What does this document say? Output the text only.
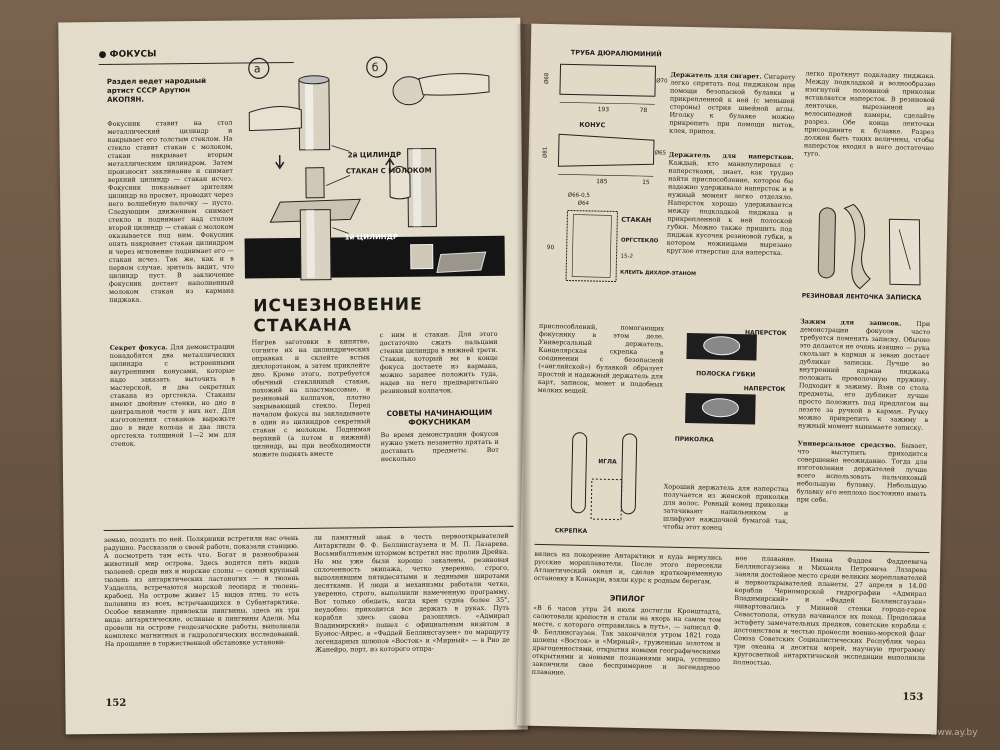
● ФОКУСЫ
Раздел ведет народный артист СССР Арутюн АКОПЯН.
Фокусник ставит на стол металлический цилиндр и накрывает его толстым стеклом. На стекло ставит стакан с молоком, стакан накрывает вторым металлическим цилиндром. Затем произносит заклинание и снимает верхний цилиндр — стакан исчез. Фокусник показывает зрителям цилиндр на просвет, проводит через него волшебную палочку — пусто. Следующим движением снимает стекло и поднимает над столом второй цилиндр — стакан с молоком оказывается под ним. Фокусник опять накрывает стакан цилиндром и через мгновение поднимает его — стакан исчез. Так же, как и в первом случае, зритель видит, что цилиндр пуст. В заключение фокусник достает наполненный молоком стакан из кармана пиджака.
Секрет фокуса. Для демонстрации понадобятся два металлических цилиндра с встроенными внутренними конусами, которые надо заказать выточить в мастерской, и два секретных стакана из оргстекла. Стаканы имеют двойные стенки, но дно в центральной части у них нет. Для изготовления стаканов вырежьте дно в виде кольца и два листа оргстекла толщиной 1—2 мм для стенок.
а	б
2й ЦИЛИНДР
СТАКАН С МОЛОКОМ
1й ЦИЛИНДР
ИСЧЕЗНОВЕНИЕ СТАКАНА
Нагрев заготовки в кипятке, согните их на цилиндрических оправках и склейте встык дихлорэтаном, а затем приклейте дно. Кроме этого, потребуется обычный стеклянный стакан, похожий на пластмассовые, и резиновый колпачок, плотно закрывающий стекло. Перед началом фокуса вы закладываете в один из цилиндров секретный стакан с молоком. Поднимая верхний (а потом и нижний) цилиндр, вы при необходимости можете поднять вместе
с ним и стакан. Для этого достаточно сжать пальцами стенки цилиндра в нижней трети. Стакан, который вы в конце фокуса достаете из кармана, можно заранее положить туда, надев на него предварительно резиновый колпачок.
СОВЕТЫ НАЧИНАЮЩИМ ФОКУСНИКАМ
Во время демонстрации фокусов нужно уметь незаметно прятать и доставать предметы. Вот несколько
земью, поздать по ней. Полярники встретили нас очень радушно. Рассказали о своей работе, показали станцию. А посмотреть там есть что. Богат и разнообразен животный мир острова. Здесь водятся пять видов тюленей: среди них и морские слоны — самый крупный тюлень из антарктических ластоногих — и тюлень Уэдделла, встречаются морской леопард и тюлень-крабоед. На острове живет 15 видов птиц, то есть половина из всех, встречающихся в Субантарктике. Особое внимание привлекли пингвины, здесь их три вида: антарктические, ослиные и пингвины Адели. Мы провели на острове геодезические работы, выполняли комплекс магнитных и гидрологических исследований. На прощание в торжественной обстановке установи-
ли памятный знак в честь первооткрывателей Антарктиды Ф. Ф. Беллинсгаузена и М. П. Лазарева. Восьмибалльным штормом встретил нас пролив Дрейка. Но мы уже были хорошо закалены, резиновая сплоченность экипажа, четко уверенно, строго, выполнявшим пятидесятыми и ледяными широтами десятками. И люди и механизмы работали четко, уверенно, строго, выполнили намеченную программу. Вот только обедать, когда крен судна более 35°, неудобно: приходится все держать в руках. Путь корабля здесь снова разошлись. «Адмирал Владимирский» пошел с официальным визитом в Буэнос-Айрес, а «Фаддей Беллинсгаузен» по маршруту легендарных шлюпов «Восток» и «Мирный» — в Рио де Жанейро, порт, из которого отпра-
152
ТРУБА ДЮРАЛЮМИНИЙ
193	78
Ø68	Ø70
КОНУС
185	15
Ø81	Ø65
Ø66-0,5
Ø64
90
СТАКАН
ОРГСТЕКЛО
15-2
КЛЕИТЬ ДИХЛОР-ЭТАНОМ
Держатель для сигарет. Сигарету легко спрятать под пиджаком при помощи безопасной булавки и прикрепленной к ней (с меньшей стороны) острия швейной иглы. Иголку к булавке можно прикрепить при помощи ниток, клея, припоя.
Держатель для наперстков. Каждый, кто манипулировал с наперстками, знает, как трудно найти приспособление, которое бы надежно удерживало наперсток и в нужный момент легко отделяло. Наперсток хорошо удерживается между подкладкой пиджака и прикрепленной к ней полоской губки. Можно также пришить под пиджак кусочек резиновой губки, в котором ножницами вырезано круглое отверстие для наперстка.
легко проткнут подкладку пиджака. Между подкладкой и волнообразно изогнутой половиной приколки вставляется наперсток. В резиновой ленточке, вырезанной из велосипедной камеры, сделайте разрез. Обе конца ленточки присоедините к булавке. Разрез должен быть таких величины, чтобы наперсток входил в него достаточно туго.
РЕЗИНОВАЯ ЛЕНТОЧКА ЗАПИСКА
приспособлений, помогающих фокуснику в этом деле. Универсальный держатель. Канцелярская скрепка в соединении с безопасной («английской») булавкой образует простой и надежный держатель для карт, записок, монет и подобных мелких вещей.
НАПЕРСТОК
ПОЛОСКА ГУБКИ
НАПЕРСТОК
ПРИКОЛКА
ИГЛА
СКРЕПКА
Хороший держатель для наперстка получается из женской приколки для волос. Ровный конец приколки затачивают напильником и шлифуют наждачной бумагой так, чтобы этот конец
Зажим для записок. При демонстрации фокусов часто требуется поменять записку. Обычно это делается не очень изящно — рука скользит в карман и зеваю достает дубликат записки. Лучше во внутренний карман пиджака положить проволочную пружину. Подходит к зажиму. Взяв со стола предметы, его дубликат лучше просто положить под предлогом вы лезете за ручкой в карман. Ручку можно прикрепить к зажиму в нужный момент вынимаете записку.
Универсальное средство. Бывает, что выступить приходится совершенно неожиданно. Тогда для изготовления держателей лучше всего использовать пальчиковый небольшую булавку. Небольшую булавку его неплохо постоянно иметь при себе.
вились на покорение Антарктики и куда вернулись русские мореплаватели. После этого пересекли Атлантический океан и, сделав кратковременную остановку в Конакри, взяли курс к родным берегам.
ЭПИЛОГ
«В 6 часов утра 24 июля достигли Кронштадта, салютовали крепости и стали на якорь на самом том месте, с которого отправились в путь», — записал Ф. Ф. Беллинсгаузен. Так закончился утром 1821 года шлюпы «Восток» и «Мирный», груженные золотом и драгоценностями, открытия новыми географическими открытиями и новыми познаниями мира, успешно закончили свое беспримерное и легендарное плавание.
ное плавание. Имена Фаддея Фаддеевича Беллинсгаузена и Михаила Петровича Лазарева заняли достойное место среди великих мореплавателей и первооткрывателей планеты. 27 апреля в 14.00 корабли Черноморской гидрографии «Адмирал Владимирский» и «Фаддей Беллинсгаузен» ошвартовались у Минной стенки города-героя Севастополя, откуда начинался их поход. Продолжая эстафету замечательных предков, советские корабли с достоинством и честью пронесли военно-морской флаг Союза Советских Социалистических Республик через три океана и десятки морей, научную программу кругосветной антарктической экспедиции выполнили полностью.
153
www.ay.by
